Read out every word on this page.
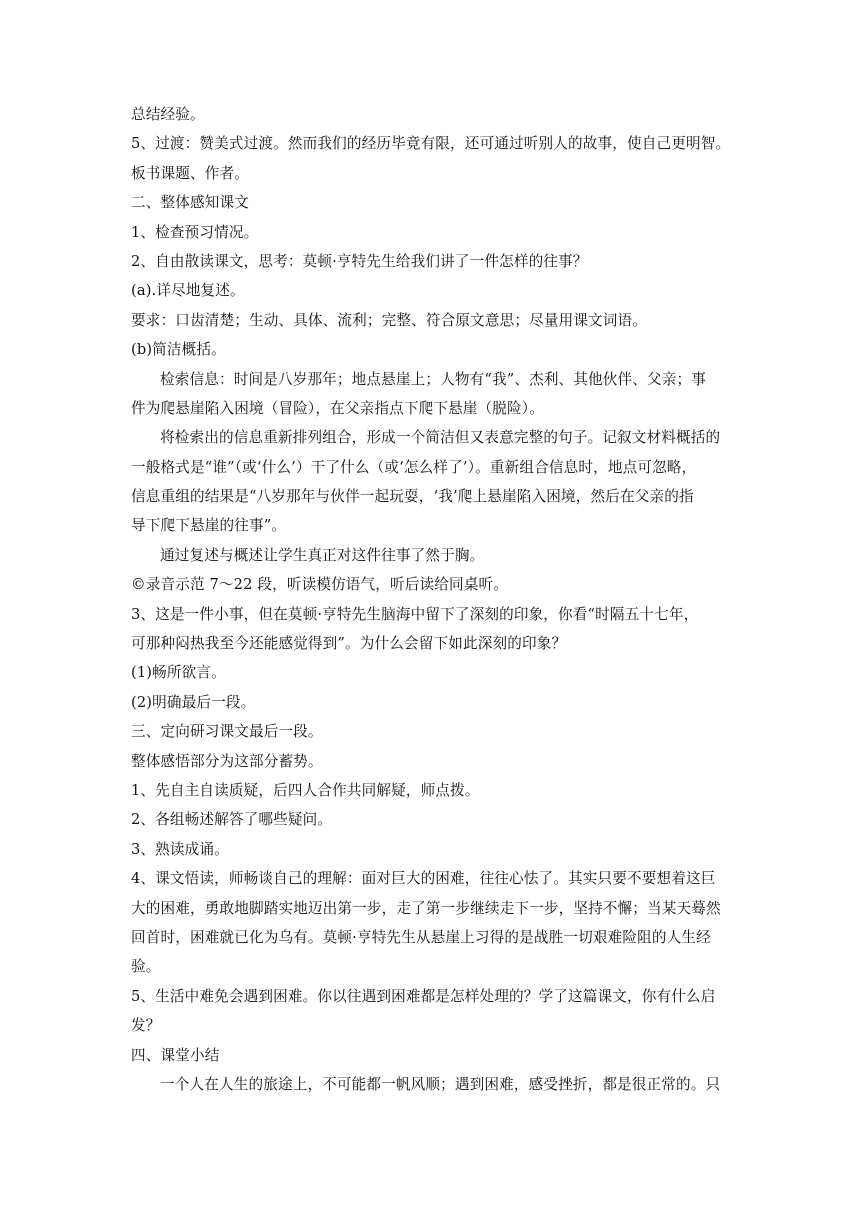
总结经验。

5、过渡：赞美式过渡。然而我们的经历毕竟有限，还可通过听别人的故事，使自己更明智。

板书课题、作者。

二、整体感知课文

1、检查预习情况。

2、自由散读课文，思考：莫顿·亨特先生给我们讲了一件怎样的往事？

(a).详尽地复述。

要求：口齿清楚；生动、具体、流利；完整、符合原文意思；尽量用课文词语。

(b)简洁概括。

检索信息：时间是八岁那年；地点悬崖上；人物有“我”、杰利、其他伙伴、父亲；事

件为爬悬崖陷入困境（冒险），在父亲指点下爬下悬崖（脱险）。

将检索出的信息重新排列组合，形成一个简洁但又表意完整的句子。记叙文材料概括的

一般格式是“谁”（或‘什么’）干了什么（或‘怎么样了’）。重新组合信息时，地点可忽略，

信息重组的结果是“八岁那年与伙伴一起玩耍，‘我’爬上悬崖陷入困境，然后在父亲的指

导下爬下悬崖的往事”。

通过复述与概述让学生真正对这件往事了然于胸。

©录音示范 7～22 段，听读模仿语气，听后读给同桌听。

3、这是一件小事，但在莫顿·亨特先生脑海中留下了深刻的印象，你看“时隔五十七年，

可那种闷热我至今还能感觉得到”。为什么会留下如此深刻的印象？

(1)畅所欲言。

(2)明确最后一段。

三、定向研习课文最后一段。

整体感悟部分为这部分蓄势。

1、先自主自读质疑，后四人合作共同解疑，师点拨。

2、各组畅述解答了哪些疑问。

3、熟读成诵。

4、课文悟读，师畅谈自己的理解：面对巨大的困难，往往心怯了。其实只要不要想着这巨

大的困难，勇敢地脚踏实地迈出第一步，走了第一步继续走下一步，坚持不懈；当某天蓦然

回首时，困难就已化为乌有。莫顿·亨特先生从悬崖上习得的是战胜一切艰难险阻的人生经

验。

5、生活中难免会遇到困难。你以往遇到困难都是怎样处理的？学了这篇课文，你有什么启

发？

四、课堂小结

一个人在人生的旅途上，不可能都一帆风顺；遇到困难，感受挫折，都是很正常的。只
